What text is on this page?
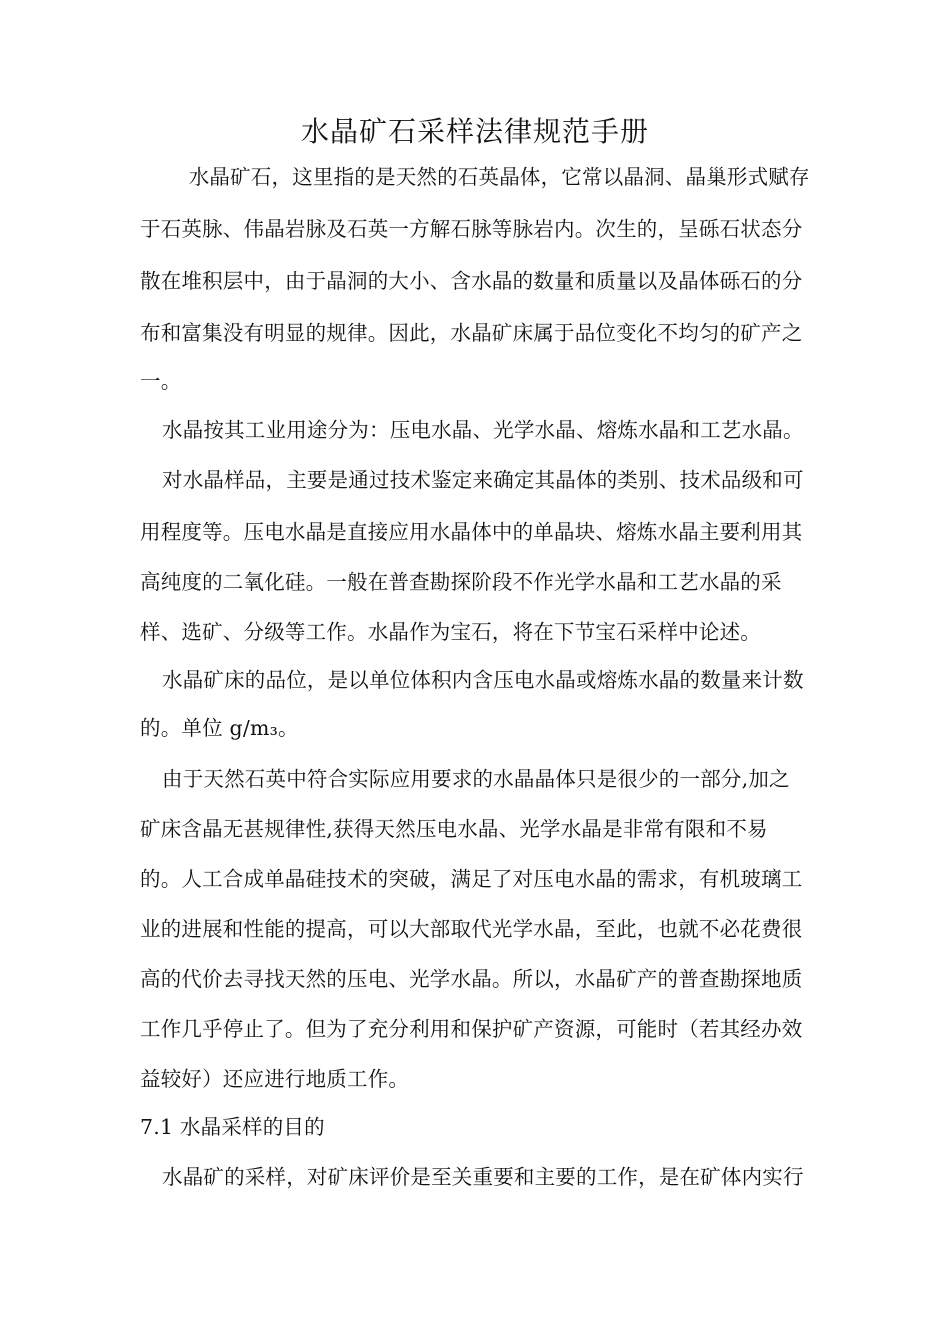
水晶矿石采样法律规范手册

　水晶矿石，这里指的是天然的石英晶体，它常以晶洞、晶巢形式赋存

于石英脉、伟晶岩脉及石英一方解石脉等脉岩内。次生的，呈砾石状态分

散在堆积层中，由于晶洞的大小、含水晶的数量和质量以及晶体砾石的分

布和富集没有明显的规律。因此，水晶矿床属于品位变化不均匀的矿产之

一。

水晶按其工业用途分为：压电水晶、光学水晶、熔炼水晶和工艺水晶。

对水晶样品，主要是通过技术鉴定来确定其晶体的类别、技术品级和可

用程度等。压电水晶是直接应用水晶体中的单晶块、熔炼水晶主要利用其

高纯度的二氧化硅。一般在普查勘探阶段不作光学水晶和工艺水晶的采

样、选矿、分级等工作。水晶作为宝石，将在下节宝石采样中论述。

水晶矿床的品位，是以单位体积内含压电水晶或熔炼水晶的数量来计数

的。单位 g/m₃。

由于天然石英中符合实际应用要求的水晶晶体只是很少的一部分,加之

矿床含晶无甚规律性,获得天然压电水晶、光学水晶是非常有限和不易

的。人工合成单晶硅技术的突破，满足了对压电水晶的需求，有机玻璃工

业的进展和性能的提高，可以大部取代光学水晶，至此，也就不必花费很

高的代价去寻找天然的压电、光学水晶。所以，水晶矿产的普查勘探地质

工作几乎停止了。但为了充分利用和保护矿产资源，可能时（若其经办效

益较好）还应进行地质工作。

7.1 水晶采样的目的

水晶矿的采样，对矿床评价是至关重要和主要的工作，是在矿体内实行
